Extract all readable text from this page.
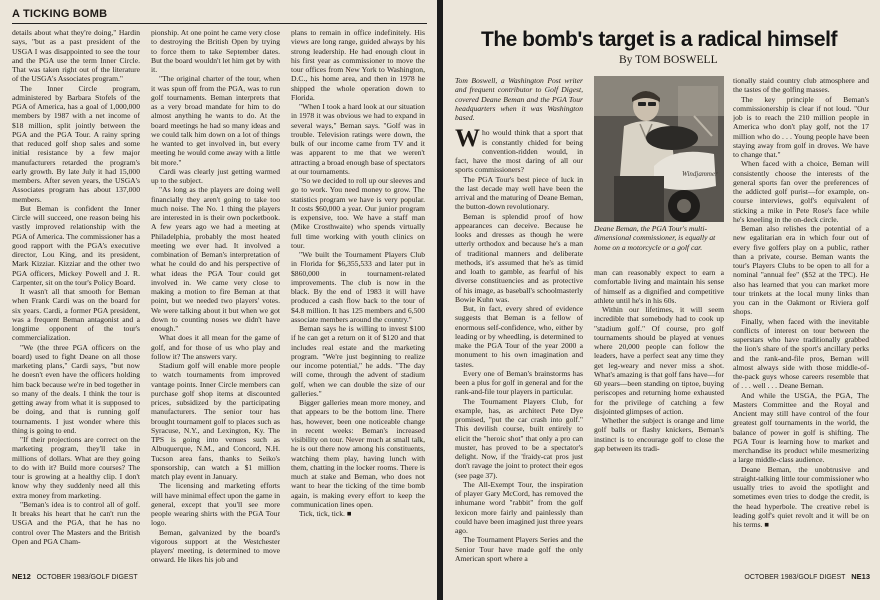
A TICKING BOMB

details about what they're doing," Hardin says, "but as a past president of the USGA I was disappointed to see the tour and the PGA use the term Inner Circle. That was taken right out of the literature of the USGA's Associates program."

The Inner Circle program, administered by Barbara Stofels of the PGA of America, has a goal of 1,000,000 members by 1987 with a net income of $18 million, split jointly between the PGA and the PGA Tour. A rainy spring that reduced golf shop sales and some initial resistance by a few major manufacturers retarded the program's early growth. By late July it had 15,000 members. After seven years, the USGA's Associates program has about 137,000 members.

But Beman is confident the Inner Circle will succeed, one reason being his vastly improved relationship with the PGA of America. The commissioner has a good rapport with the PGA's executive director, Lou King, and its president, Mark Kizziar. Kizziar and the other two PGA officers, Mickey Powell and J. R. Carpenter, sit on the tour's Policy Board.

It wasn't all that smooth for Beman when Frank Cardi was on the board for six years. Cardi, a former PGA president, was a frequent Beman antagonist and a longtime opponent of the tour's commercialization.

"We (the three PGA officers on the board) used to fight Deane on all those marketing plans," Cardi says, "but now he doesn't even have the officers holding him back because we're in bed together in so many of the deals. I think the tour is getting away from what it is supposed to be doing, and that is running golf tournaments. I just wonder where this thing is going to end.

"If their projections are correct on the marketing program, they'll take in millions of dollars. What are they going to do with it? Build more courses? The tour is growing at a healthy clip. I don't know why they suddenly need all this extra money from marketing.

"Beman's idea is to control all of golf. It breaks his heart that he can't run the USGA and the PGA, that he has no control over The Masters and the British Open and PGA Cham-

pionship. At one point he came very close to destroying the British Open by trying to force them to take September dates. But the board wouldn't let him get by with it.

"The original charter of the tour, when it was spun off from the PGA, was to run golf tournaments. Beman interprets that as a very broad mandate for him to do almost anything he wants to do. At the board meetings he had so many ideas and we could talk him down on a lot of things he wanted to get involved in, but every meeting he would come away with a little bit more."

Cardi was clearly just getting warmed up to the subject.

"As long as the players are doing well financially they aren't going to take too much noise. The No. 1 thing the players are interested in is their own pocketbook. A few years ago we had a meeting at Philadelphia, probably the most heated meeting we ever had. It involved a combination of Beman's interpretation of what he could do and his perspective of what ideas the PGA Tour could get involved in. We came very close to making a motion to fire Beman at that point, but we needed two players' votes. We were talking about it but when we got down to counting noses we didn't have enough."

What does it all mean for the game of golf, and for those of us who play and follow it? The answers vary.

Stadium golf will enable more people to watch tournaments from improved vantage points. Inner Circle members can purchase golf shop items at discounted prices, subsidized by the participating manufacturers. The senior tour has brought tournament golf to places such as Syracuse, N.Y., and Lexington, Ky. The TPS is going into venues such as Albuquerque, N.M., and Concord, N.H. Tucson area fans, thanks to Seiko's sponsorship, can watch a $1 million match play event in January.

The licensing and marketing efforts will have minimal effect upon the game in general, except that you'll see more people wearing shirts with the PGA Tour logo.

Beman, galvanized by the board's vigorous support at the Westchester players' meeting, is determined to move onward. He likes his job and

plans to remain in office indefinitely. His views are long range, guided always by his strong leadership. He had enough clout in his first year as commissioner to move the tour offices from New York to Washington, D.C., his home area, and then in 1978 he shipped the whole operation down to Florida.

"When I took a hard look at our situation in 1978 it was obvious we had to expand in several ways," Beman says. "Golf was in trouble. Television ratings were down, the bulk of our income came from TV and it was apparent to me that we weren't attracting a broad enough base of spectators at our tournaments.

"So we decided to roll up our sleeves and go to work. You need money to grow. The statistics program we have is very popular. It costs $60,000 a year. Our junior program is expensive, too. We have a staff man (Mike Crosthwaite) who spends virtually full time working with youth clinics on tour.

"We built the Tournament Players Club in Florida for $6,355,533 and later put in $860,000 in tournament-related improvements. The club is now in the black. By the end of 1983 it will have produced a cash flow back to the tour of $4.8 million. It has 125 members and 6,500 associate members around the country."

Beman says he is willing to invest $100 if he can get a return on it of $120 and that includes real estate and the marketing program. "We're just beginning to realize our income potential," he adds. "The day will come, through the advent of stadium golf, when we can double the size of our galleries."

Bigger galleries mean more money, and that appears to be the bottom line. There has, however, been one noticeable change in recent weeks: Beman's increased visibility on tour. Never much at small talk, he is out there now among his constituents, watching them play, having lunch with them, chatting in the locker rooms. There is much at stake and Beman, who does not want to hear the ticking of the time bomb again, is making every effort to keep the communication lines open.

Tick, tick, tick. ■

NE12 OCTOBER 1983/GOLF DIGEST
The bomb's target is a radical himself
By TOM BOSWELL

Tom Boswell, a Washington Post writer and frequent contributor to Golf Digest, covered Deane Beman and the PGA Tour headquarters when it was Washington based.

Who would think that a sport that is constantly chided for being convention-ridden would, in fact, have the most daring of all our sports commissioners?

The PGA Tour's best piece of luck in the last decade may well have been the arrival and the maturing of Deane Beman, the button-down revolutionary.

Beman is splendid proof of how appearances can deceive. Because he looks and dresses as though he were utterly orthodox and because he's a man of traditional manners and deliberate methods, it's assumed that he's as timid and loath to gamble, as fearful of his diverse constituencies and as protective of his image, as baseball's schoolmasterly Bowie Kuhn was.

But, in fact, every shred of evidence suggests that Beman is a fellow of enormous self-confidence, who, either by leading or by wheedling, is determined to make the PGA Tour of the year 2000 a monument to his own imagination and tastes.

Every one of Beman's brainstorms has been a plus for golf in general and for the rank-and-file tour players in particular.

The Tournament Players Club, for example, has, as architect Pete Dye promised, "put the car crash into golf." This devilish course, built entirely to elicit the "heroic shot" that only a pro can muster, has proved to be a spectator's delight. Now, if the 'fraidy-cat pros just don't ravage the joint to protect their egos (see page 37).

The All-Exempt Tour, the inspiration of player Gary McCord, has removed the inhumane word "rabbit" from the golf lexicon more fairly and painlessly than could have been imagined just three years ago.

The Tournament Players Series and the Senior Tour have made golf the only American sport where a

Windjammer
Deane Beman, the PGA Tour's multi-dimensional commissioner, is equally at home on a motorcycle or a golf car.

man can reasonably expect to earn a comfortable living and maintain his sense of himself as a dignified and competitive athlete until he's in his 60s.

Within our lifetimes, it will seem incredible that somebody had to cook up "stadium golf." Of course, pro golf tournaments should be played at venues where 20,000 people can follow the leaders, have a perfect seat any time they get leg-weary and never miss a shot. What's amazing is that golf fans have—for 60 years—been standing on tiptoe, buying periscopes and returning home exhausted for the privilege of catching a few disjointed glimpses of action.

Whether the subject is orange and lime golf balls or flashy knickers, Beman's instinct is to encourage golf to close the gap between its tradi-

tionally staid country club atmosphere and the tastes of the golfing masses.

The key principle of Beman's commissionership is clear if not loud. "Our job is to reach the 210 million people in America who don't play golf, not the 17 million who do . . . Young people have been staying away from golf in droves. We have to change that."

When faced with a choice, Beman will consistently choose the interests of the general sports fan over the preferences of the addicted golf purist—for example, on-course interviews, golf's equivalent of sticking a mike in Pete Rose's face while he's kneeling in the on-deck circle.

Beman also relishes the potential of a new egalitarian era in which four out of every five golfers play on a public, rather than a private, course. Beman wants the tour's Players Clubs to be open to all for a nominal "annual fee" ($52 at the TPC). He also has learned that you can market more tour trinkets at the local muny links than you can in the Oakmont or Riviera golf shops.

Finally, when faced with the inevitable conflicts of interest on tour between the superstars who have traditionally grabbed the lion's share of the sport's ancillary perks and the rank-and-file pros, Beman will almost always side with those middle-of-the-pack guys whose careers resemble that of . . . well . . . Deane Beman.

And while the USGA, the PGA, The Masters Committee and the Royal and Ancient may still have control of the four greatest golf tournaments in the world, the balance of power in golf is shifting. The PGA Tour is learning how to market and merchandise its product while mesmerizing a large middle-class audience.

Deane Beman, the unobtrusive and straight-talking little tour commissioner who usually tries to avoid the spotlight and sometimes even tries to dodge the credit, is the head hyperbole. The creative rebel is leading golf's quiet revolt and it will be on his terms. ■

OCTOBER 1983/GOLF DIGEST NE13
